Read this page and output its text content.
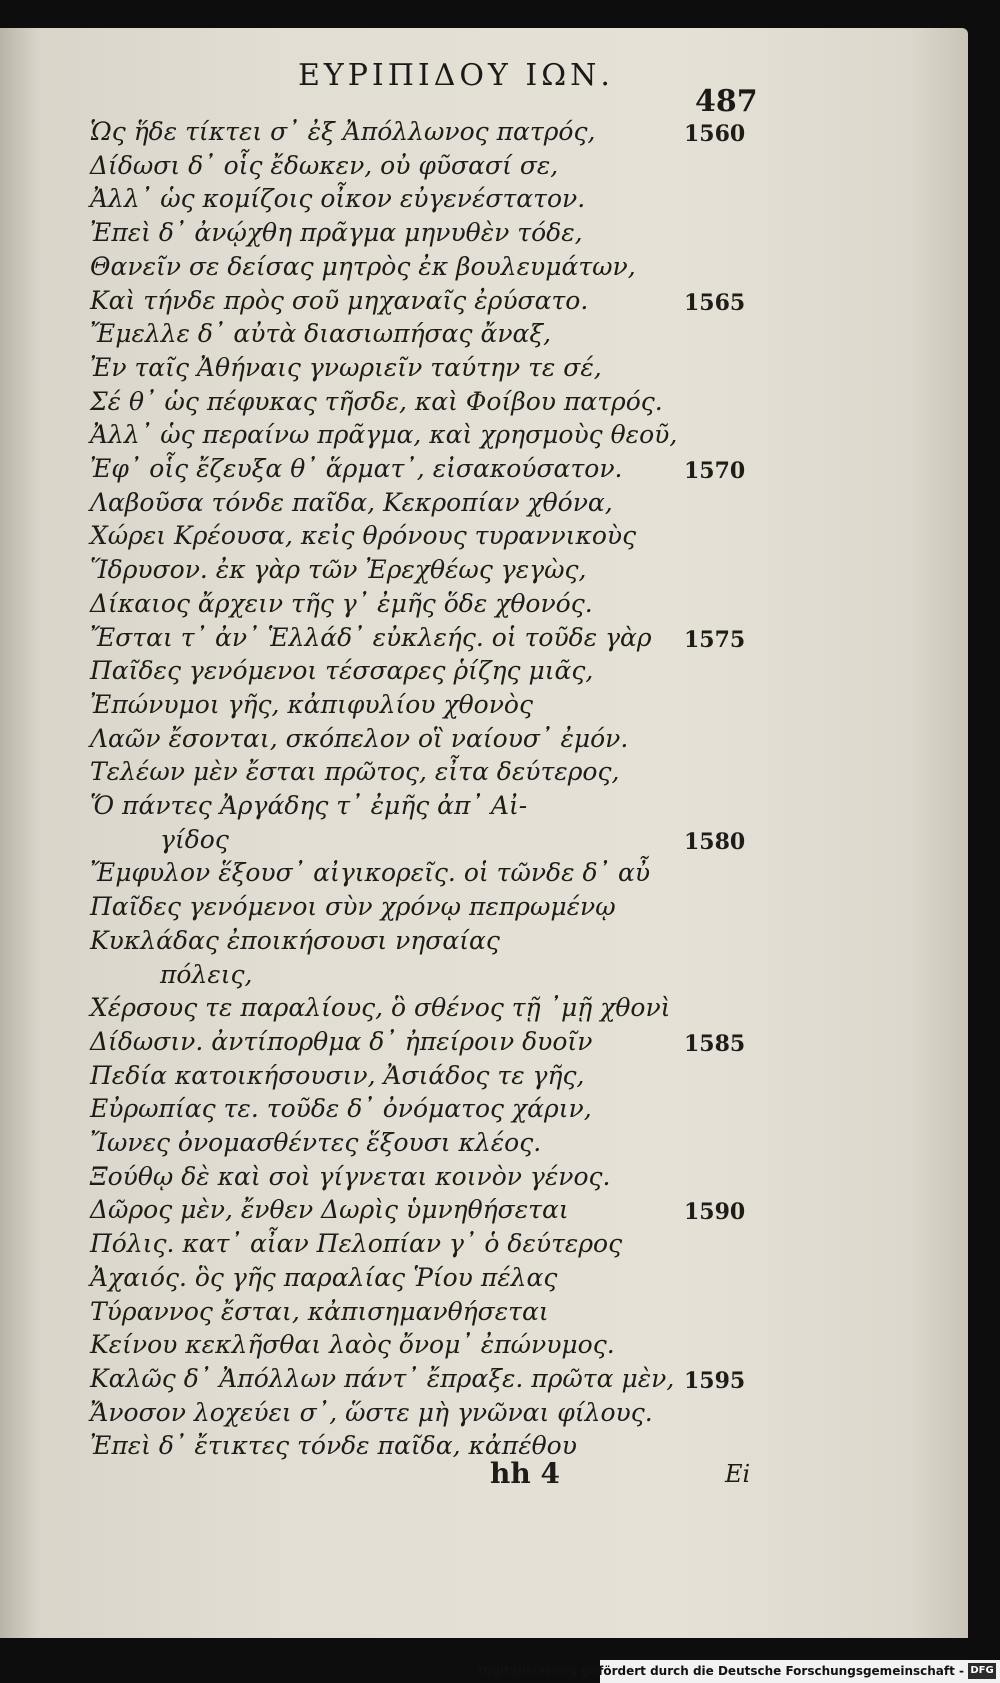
ΕΥΡΙΠΙΔΟΥ ΙΩΝ.
487
Ὡς ἥδε τίκτει σ᾽ ἐξ Ἀπόλλωνος πατρός,	1560
Δίδωσι δ᾽ οἷς ἔδωκεν, οὐ φῦσασί σε,
Ἀλλ᾽ ὡς κομίζοις οἶκον εὐγενέστατον.
Ἐπεὶ δ᾽ ἀνῴχθη πρᾶγμα μηνυθὲν τόδε,
Θανεῖν σε δείσας μητρὸς ἐκ βουλευμάτων,
Καὶ τήνδε πρὸς σοῦ μηχαναῖς ἐρύσατο.	1565
Ἔμελλε δ᾽ αὐτὰ διασιωπήσας ἄναξ,
Ἐν ταῖς Ἀθήναις γνωριεῖν ταύτην τε σέ,
Σέ θ᾽ ὡς πέφυκας τῆσδε, καὶ Φοίβου πατρός.
Ἀλλ᾽ ὡς περαίνω πρᾶγμα, καὶ χρησμοὺς θεοῦ,
Ἐφ᾽ οἷς ἔζευξα θ᾽ ἅρματ᾽, εἰσακούσατον.	1570
Λαβοῦσα τόνδε παῖδα, Κεκροπίαν χθόνα,
Χώρει Κρέουσα, κεἰς θρόνους τυραννικοὺς
Ἵδρυσον. ἐκ γὰρ τῶν Ἐρεχθέως γεγὼς,
Δίκαιος ἄρχειν τῆς γ᾽ ἐμῆς ὅδε χθονός.
Ἔσται τ᾽ ἀν᾽ Ἑλλάδ᾽ εὐκλεής. οἱ τοῦδε γὰρ 1575
Παῖδες γενόμενοι τέσσαρες ῥίζης μιᾶς,
Ἐπώνυμοι γῆς, κἀπιφυλίου χθονὸς
Λαῶν ἔσονται, σκόπελον οἳ ναίουσ᾽ ἐμόν.
Τελέων μὲν ἔσται πρῶτος, εἶτα δεύτερος,
Ὅ πάντες Ἀργάδης τ᾽ ἐμῆς ἀπ᾽ Αἰ-
γίδος	1580
Ἔμφυλον ἕξουσ᾽ αἰγικορεῖς. οἱ τῶνδε δ᾽ αὖ
Παῖδες γενόμενοι σὺν χρόνῳ πεπρωμένῳ
Κυκλάδας ἐποικήσουσι νησαίας
πόλεις,
Χέρσους τε παραλίους, ὃ σθένος τῇ ᾽μῇ χθονὶ
Δίδωσιν. ἀντίπορθμα δ᾽ ἠπείροιν δυοῖν	1585
Πεδία κατοικήσουσιν, Ἀσιάδος τε γῆς,
Εὐρωπίας τε. τοῦδε δ᾽ ὀνόματος χάριν,
Ἴωνες ὀνομασθέντες ἕξουσι κλέος.
Ξούθῳ δὲ καὶ σοὶ γίγνεται κοινὸν γένος.
Δῶρος μὲν, ἔνθεν Δωρὶς ὑμνηθήσεται	1590
Πόλις. κατ᾽ αἶαν Πελοπίαν γ᾽ ὁ δεύτερος
Ἀχαιός. ὃς γῆς παραλίας Ῥίου πέλας
Τύραννος ἔσται, κἀπισημανθήσεται
Κείνου κεκλῆσθαι λαὸς ὄνομ᾽ ἐπώνυμος.
Καλῶς δ᾽ Ἀπόλλων πάντ᾽ ἔπραξε. πρῶτα μὲν, 1595
Ἄνοσον λοχεύει σ᾽, ὥστε μὴ γνῶναι φίλους.
Ἐπεὶ δ᾽ ἔτικτες τόνδε παῖδα, κἀπέθου
hh 4	Ei
Digitalisierung gefördert durch die Deutsche Forschungsgemeinschaft - DFG
